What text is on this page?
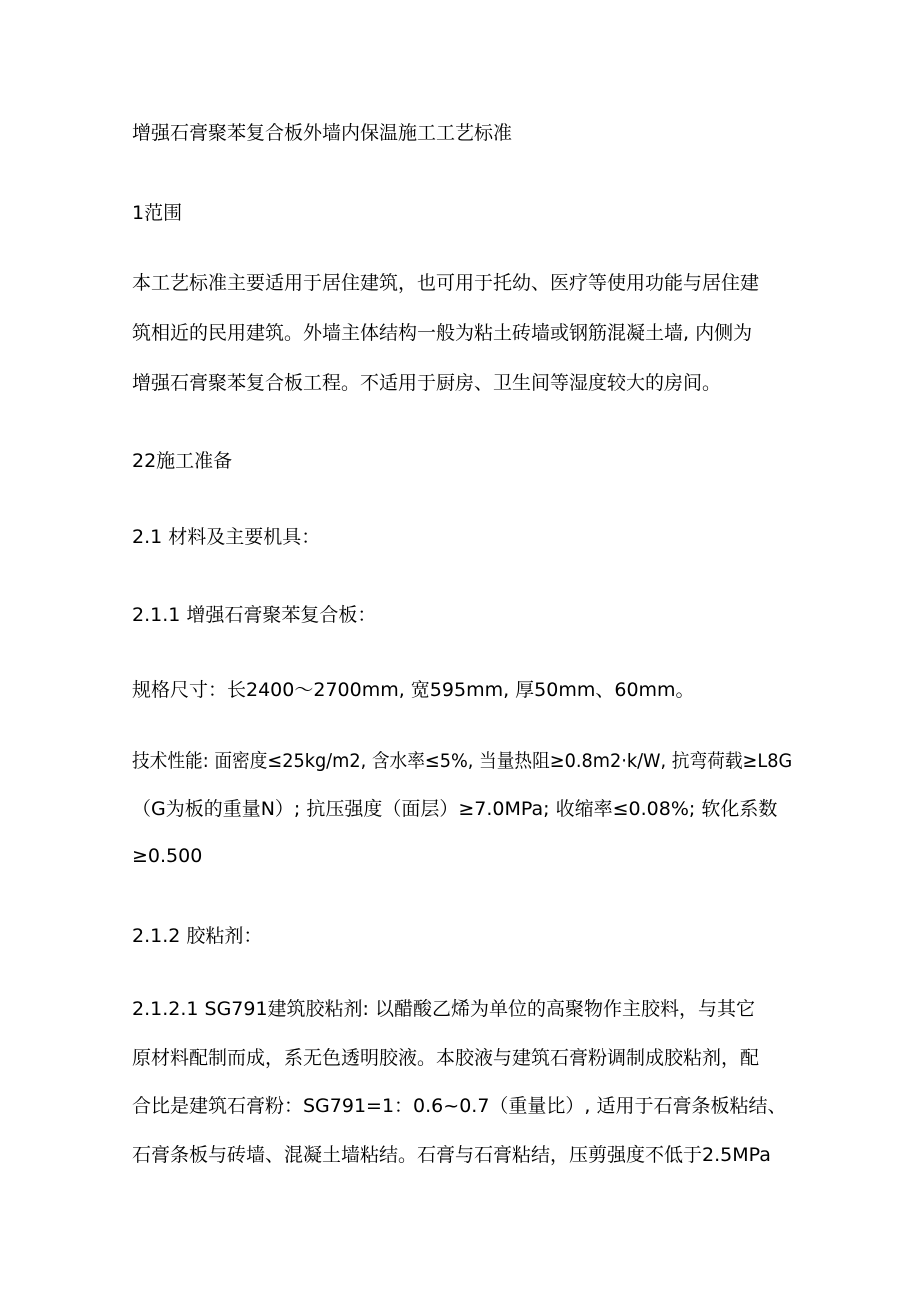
增强石膏聚苯复合板外墙内保温施工工艺标准
1范围
本工艺标准主要适用于居住建筑，也可用于托幼、医疗等使用功能与居住建
筑相近的民用建筑。外墙主体结构一般为粘土砖墙或钢筋混凝土墙, 内侧为
增强石膏聚苯复合板工程。不适用于厨房、卫生间等湿度较大的房间。
22施工准备
2.1 材料及主要机具：
2.1.1 增强石膏聚苯复合板：
规格尺寸：长2400～2700mm, 宽595mm, 厚50mm、60mm。
技术性能: 面密度≤25kg∕m2, 含水率≤5%, 当量热阻≥0.8m2·k∕W, 抗弯荷载≥L8G
（G为板的重量N）; 抗压强度（面层）≥7.0MPa; 收缩率≤0.08%; 软化系数
≥0.500
2.1.2 胶粘剂：
2.1.2.1 SG791建筑胶粘剂: 以醋酸乙烯为单位的高聚物作主胶料，与其它
原材料配制而成，系无色透明胶液。本胶液与建筑石膏粉调制成胶粘剂，配
合比是建筑石膏粉：SG791=1：0.6~0.7（重量比）, 适用于石膏条板粘结、
石膏条板与砖墙、混凝土墙粘结。石膏与石膏粘结，压剪强度不低于2.5MPa
